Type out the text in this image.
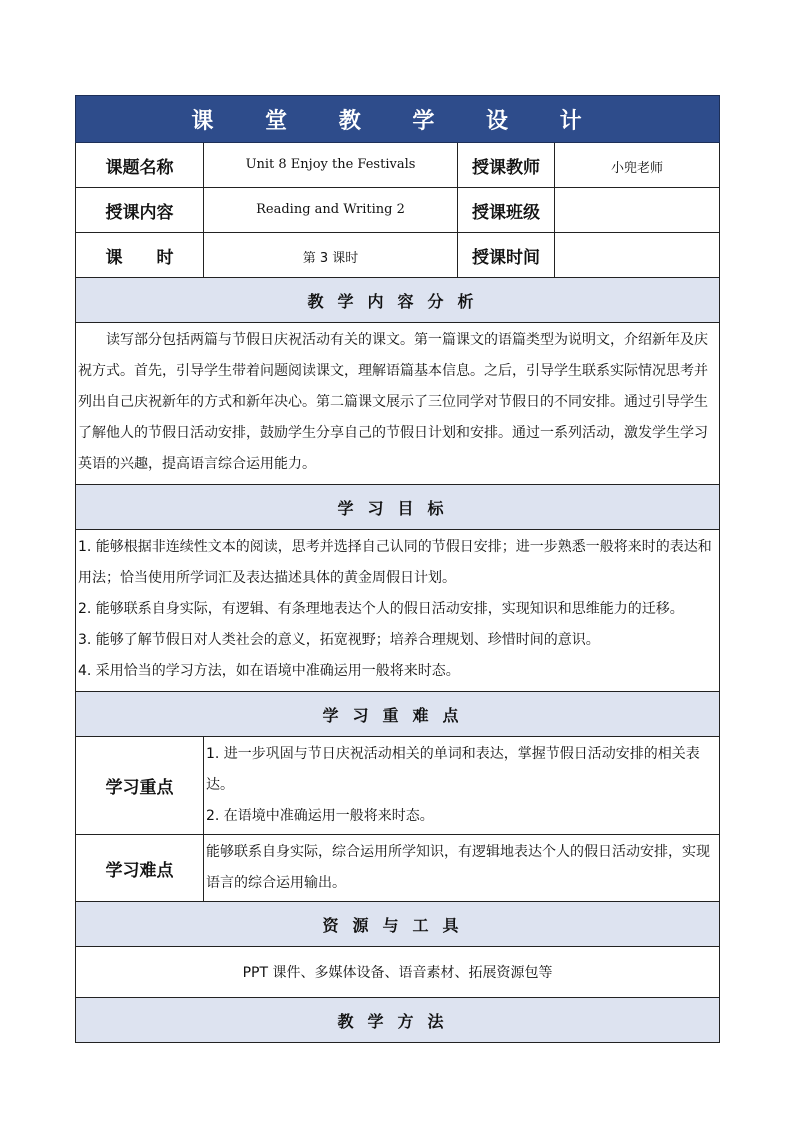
课 堂 教 学 设 计			
课题名称	Unit 8 Enjoy the Festivals	授课教师	小兜老师
授课内容	Reading and Writing 2	授课班级	
课　　时	第 3 课时	授课时间	
教学内容分析			

读写部分包括两篇与节假日庆祝活动有关的课文。第一篇课文的语篇类型为说明文，介绍新年及庆祝方式。首先，引导学生带着问题阅读课文，理解语篇基本信息。之后，引导学生联系实际情况思考并列出自己庆祝新年的方式和新年决心。第二篇课文展示了三位同学对节假日的不同安排。通过引导学生了解他人的节假日活动安排，鼓励学生分享自己的节假日计划和安排。通过一系列活动，激发学生学习英语的兴趣，提高语言综合运用能力。			

学习目标			

1. 能够根据非连续性文本的阅读，思考并选择自己认同的节假日安排；进一步熟悉一般将来时的表达和用法；恰当使用所学词汇及表达描述具体的黄金周假日计划。

2. 能够联系自身实际，有逻辑、有条理地表达个人的假日活动安排，实现知识和思维能力的迁移。

3. 能够了解节假日对人类社会的意义，拓宽视野；培养合理规划、珍惜时间的意识。

4. 采用恰当的学习方法，如在语境中准确运用一般将来时态。			

学习重难点			
学习重点	1. 进一步巩固与节日庆祝活动相关的单词和表达，掌握节假日活动安排的相关表达。
2. 在语境中准确运用一般将来时态。		

学习难点	能够联系自身实际，综合运用所学知识，有逻辑地表达个人的假日活动安排，实现语言的综合运用输出。		
资源与工具			
PPT 课件、多媒体设备、语音素材、拓展资源包等			
教学方法			
